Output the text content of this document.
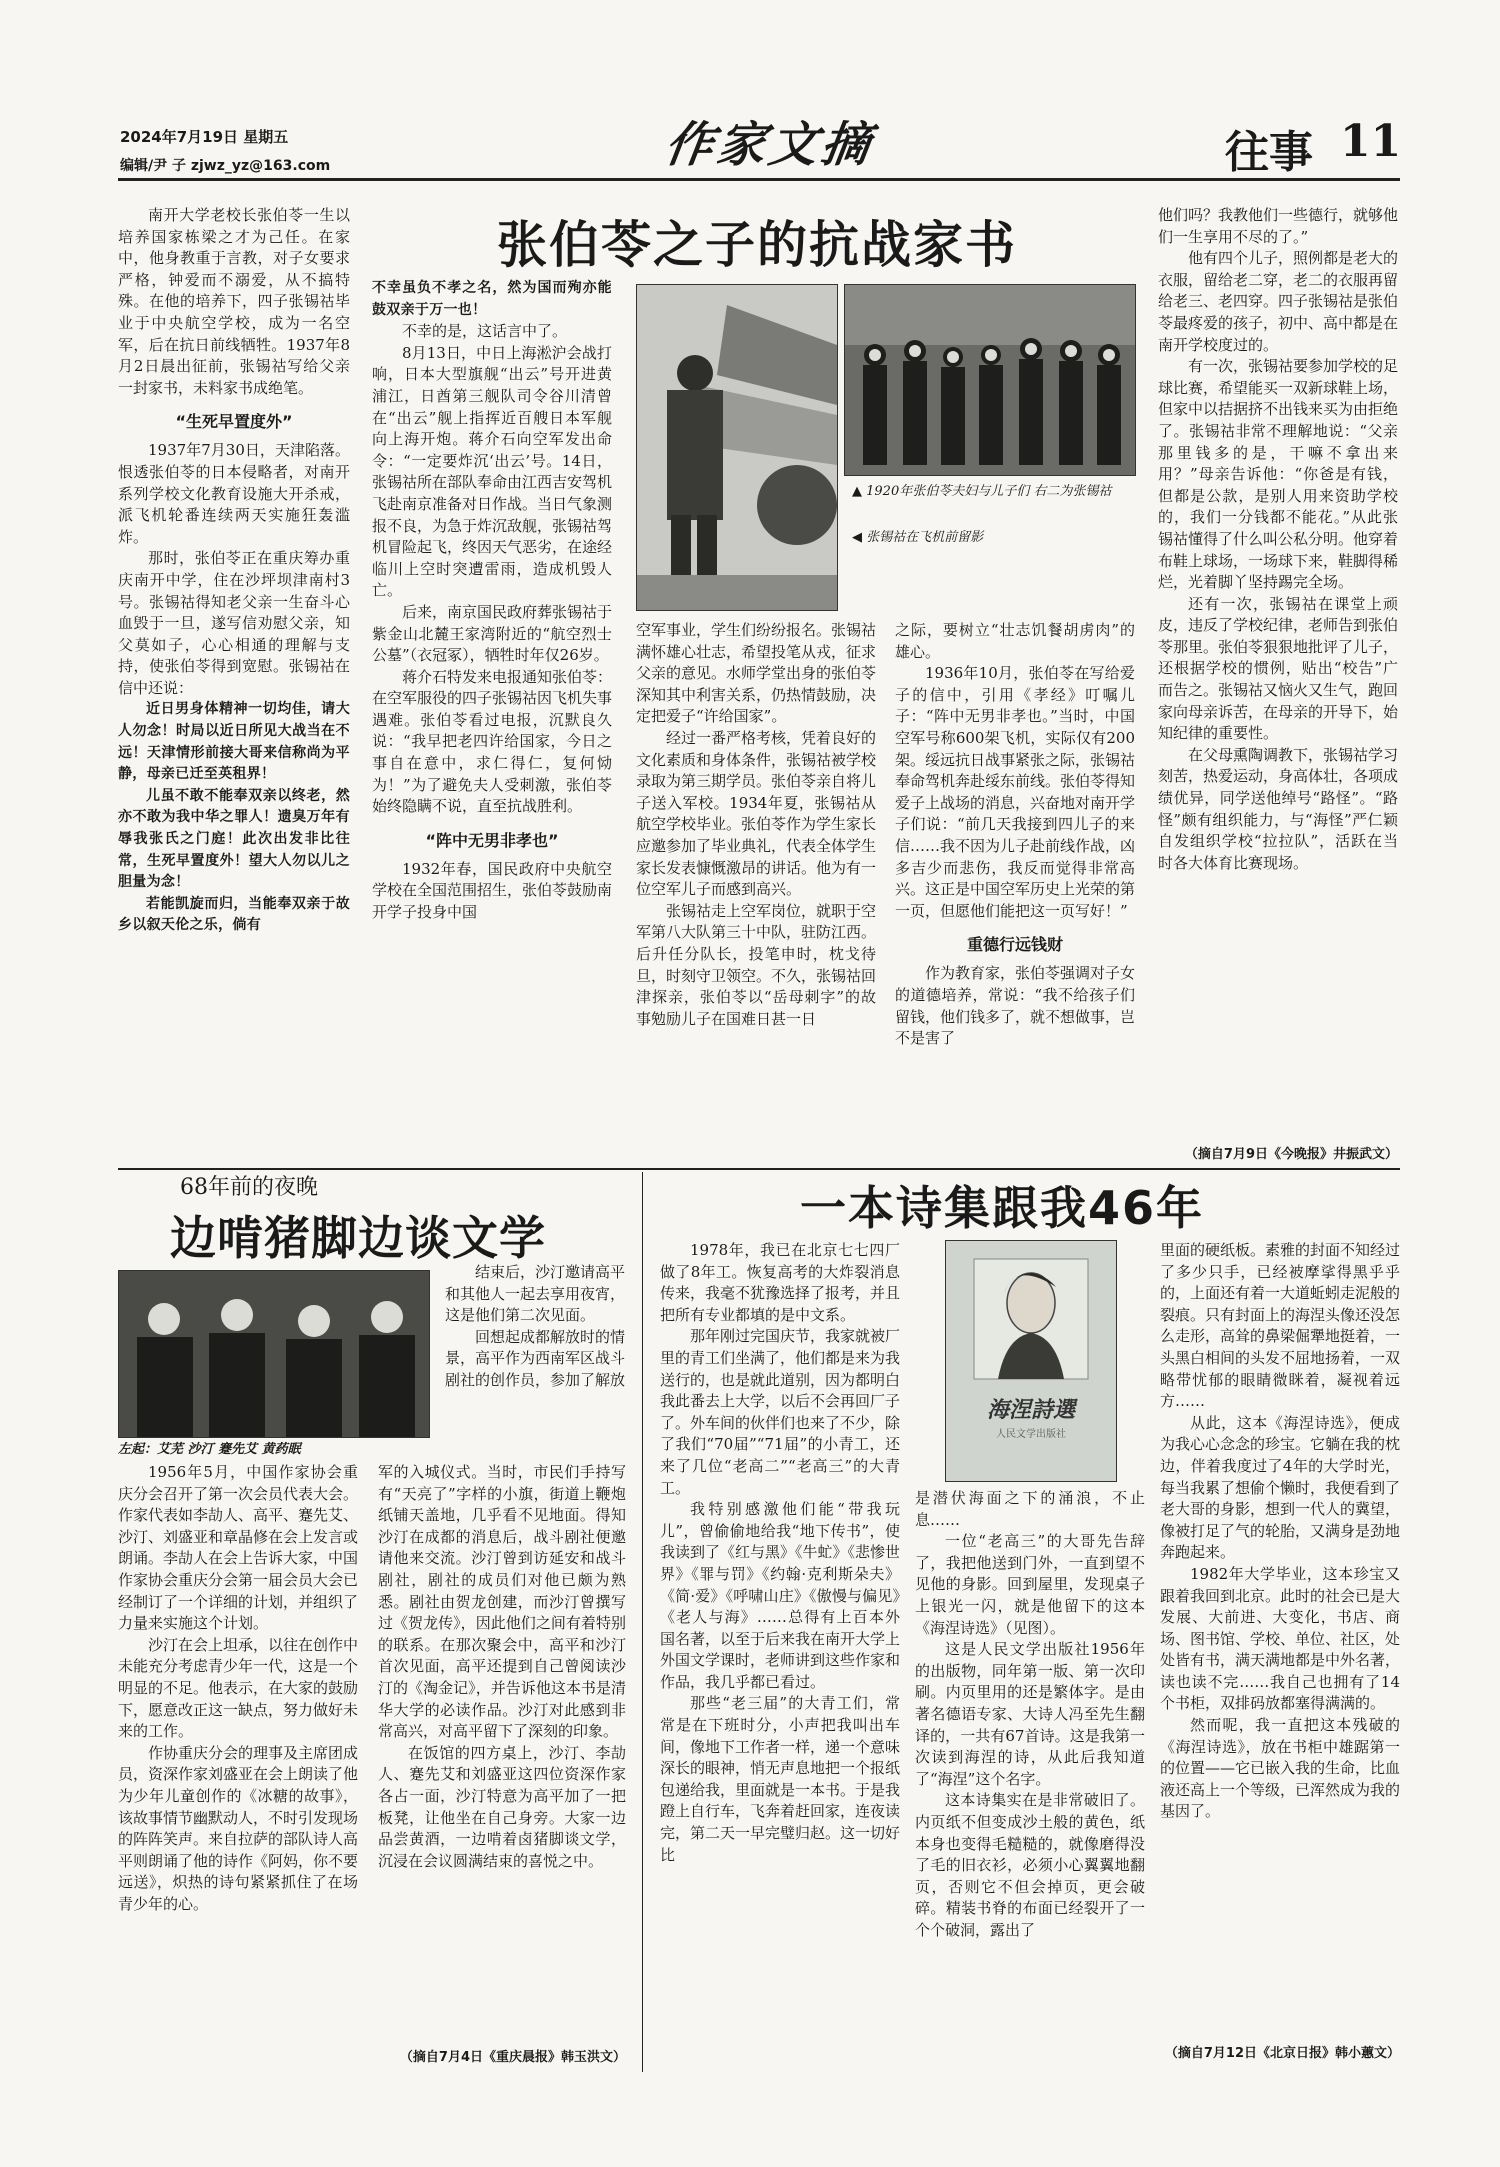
2024年7月19日 星期五
编辑/尹 子 zjwz_yz@163.com	作家文摘	往事 11
张伯苓之子的抗战家书

南开大学老校长张伯苓一生以培养国家栋梁之才为己任。在家中，他身教重于言教，对子女要求严格，钟爱而不溺爱，从不搞特殊。在他的培养下，四子张锡祜毕业于中央航空学校，成为一名空军，后在抗日前线牺牲。1937年8月2日晨出征前，张锡祜写给父亲一封家书，未料家书成绝笔。

“生死早置度外”

1937年7月30日，天津陷落。恨透张伯苓的日本侵略者，对南开系列学校文化教育设施大开杀戒，派飞机轮番连续两天实施狂轰滥炸。

那时，张伯苓正在重庆筹办重庆南开中学，住在沙坪坝津南村3号。张锡祜得知老父亲一生奋斗心血毁于一旦，遂写信劝慰父亲，知父莫如子，心心相通的理解与支持，使张伯苓得到宽慰。张锡祜在信中还说：

近日男身体精神一切均佳，请大人勿念！时局以近日所见大战当在不远！天津情形前接大哥来信称尚为平静，母亲已迁至英租界！

儿虽不敢不能奉双亲以终老，然亦不敢为我中华之罪人！遗臭万年有辱我张氏之门庭！此次出发非比往常，生死早置度外！望大人勿以儿之胆量为念！

若能凯旋而归，当能奉双亲于故乡以叙天伦之乐，倘有

不幸虽负不孝之名，然为国而殉亦能鼓双亲于万一也！

不幸的是，这话言中了。

8月13日，中日上海淞沪会战打响，日本大型旗舰“出云”号开进黄浦江，日酋第三舰队司令谷川清曾在“出云”舰上指挥近百艘日本军舰向上海开炮。蒋介石向空军发出命令：“一定要炸沉‘出云’号。14日，张锡祜所在部队奉命由江西吉安驾机飞赴南京准备对日作战。当日气象测报不良，为急于炸沉敌舰，张锡祜驾机冒险起飞，终因天气恶劣，在途经临川上空时突遭雷雨，造成机毁人亡。

后来，南京国民政府葬张锡祜于紫金山北麓王家湾附近的“航空烈士公墓”（衣冠冢），牺牲时年仅26岁。

蒋介石特发来电报通知张伯苓：在空军服役的四子张锡祜因飞机失事遇难。张伯苓看过电报，沉默良久说：“我早把老四许给国家，今日之事自在意中，求仁得仁，复何恸为！”为了避免夫人受刺激，张伯苓始终隐瞒不说，直至抗战胜利。

“阵中无男非孝也”

1932年春，国民政府中央航空学校在全国范围招生，张伯苓鼓励南开学子投身中国

▲ 1920年张伯苓夫妇与儿子们 右二为张锡祜
◀ 张锡祜在飞机前留影

空军事业，学生们纷纷报名。张锡祜满怀雄心壮志，希望投笔从戎，征求父亲的意见。水师学堂出身的张伯苓深知其中利害关系，仍热情鼓励，决定把爱子“许给国家”。

经过一番严格考核，凭着良好的文化素质和身体条件，张锡祜被学校录取为第三期学员。张伯苓亲自将儿子送入军校。1934年夏，张锡祜从航空学校毕业。张伯苓作为学生家长应邀参加了毕业典礼，代表全体学生家长发表慷慨激昂的讲话。他为有一位空军儿子而感到高兴。

张锡祜走上空军岗位，就职于空军第八大队第三十中队，驻防江西。后升任分队长，投笔申时，枕戈待旦，时刻守卫领空。不久，张锡祜回津探亲，张伯苓以“岳母刺字”的故事勉励儿子在国难日甚一日

之际，要树立“壮志饥餐胡虏肉”的雄心。

1936年10月，张伯苓在写给爱子的信中，引用《孝经》叮嘱儿子：“阵中无男非孝也。”当时，中国空军号称600架飞机，实际仅有200架。绥远抗日战事紧张之际，张锡祜奉命驾机奔赴绥东前线。张伯苓得知爱子上战场的消息，兴奋地对南开学子们说：“前几天我接到四儿子的来信……我不因为儿子赴前线作战，凶多吉少而悲伤，我反而觉得非常高兴。这正是中国空军历史上光荣的第一页，但愿他们能把这一页写好！”

重德行远钱财

作为教育家，张伯苓强调对子女的道德培养，常说：“我不给孩子们留钱，他们钱多了，就不想做事，岂不是害了

他们吗？我教他们一些德行，就够他们一生享用不尽的了。”

他有四个儿子，照例都是老大的衣服，留给老二穿，老二的衣服再留给老三、老四穿。四子张锡祜是张伯苓最疼爱的孩子，初中、高中都是在南开学校度过的。

有一次，张锡祜要参加学校的足球比赛，希望能买一双新球鞋上场，但家中以拮据挤不出钱来买为由拒绝了。张锡祜非常不理解地说：“父亲那里钱多的是，干嘛不拿出来用？”母亲告诉他：“你爸是有钱，但都是公款，是别人用来资助学校的，我们一分钱都不能花。”从此张锡祜懂得了什么叫公私分明。他穿着布鞋上球场，一场球下来，鞋脚得稀烂，光着脚丫坚持踢完全场。

还有一次，张锡祜在课堂上顽皮，违反了学校纪律，老师告到张伯苓那里。张伯苓狠狠地批评了儿子，还根据学校的惯例，贴出“校告”广而告之。张锡祜又恼火又生气，跑回家向母亲诉苦，在母亲的开导下，始知纪律的重要性。

在父母熏陶调教下，张锡祜学习刻苦，热爱运动，身高体壮，各项成绩优异，同学送他绰号“路怪”。“路怪”颇有组织能力，与“海怪”严仁颖自发组织学校“拉拉队”，活跃在当时各大体育比赛现场。

（摘自7月9日《今晚报》井振武文）
68年前的夜晚
边啃猪脚边谈文学
左起：艾芜 沙汀 蹇先艾 黄药眠

结束后，沙汀邀请高平和其他人一起去享用夜宵，这是他们第二次见面。

回想起成都解放时的情景，高平作为西南军区战斗剧社的创作员，参加了解放

1956年5月，中国作家协会重庆分会召开了第一次会员代表大会。作家代表如李劼人、高平、蹇先艾、沙汀、刘盛亚和章晶修在会上发言或朗诵。李劼人在会上告诉大家，中国作家协会重庆分会第一届会员大会已经制订了一个详细的计划，并组织了力量来实施这个计划。

沙汀在会上坦承，以往在创作中未能充分考虑青少年一代，这是一个明显的不足。他表示，在大家的鼓励下，愿意改正这一缺点，努力做好未来的工作。

作协重庆分会的理事及主席团成员，资深作家刘盛亚在会上朗读了他为少年儿童创作的《冰糖的故事》，该故事情节幽默动人，不时引发现场的阵阵笑声。来自拉萨的部队诗人高平则朗诵了他的诗作《阿妈，你不要远送》，炽热的诗句紧紧抓住了在场青少年的心。

军的入城仪式。当时，市民们手持写有“天亮了”字样的小旗，街道上鞭炮纸铺天盖地，几乎看不见地面。得知沙汀在成都的消息后，战斗剧社便邀请他来交流。沙汀曾到访延安和战斗剧社，剧社的成员们对他已颇为熟悉。剧社由贺龙创建，而沙汀曾撰写过《贺龙传》，因此他们之间有着特别的联系。在那次聚会中，高平和沙汀首次见面，高平还提到自己曾阅读沙汀的《淘金记》，并告诉他这本书是清华大学的必读作品。沙汀对此感到非常高兴，对高平留下了深刻的印象。

在饭馆的四方桌上，沙汀、李劼人、蹇先艾和刘盛亚这四位资深作家各占一面，沙汀特意为高平加了一把板凳，让他坐在自己身旁。大家一边品尝黄酒，一边啃着卤猪脚谈文学，沉浸在会议圆满结束的喜悦之中。

（摘自7月4日《重庆晨报》韩玉洪文）
一本诗集跟我46年

1978年，我已在北京七七四厂做了8年工。恢复高考的大炸裂消息传来，我毫不犹豫选择了报考，并且把所有专业都填的是中文系。

那年刚过完国庆节，我家就被厂里的青工们坐满了，他们都是来为我送行的，也是就此道别，因为都明白我此番去上大学，以后不会再回厂子了。外车间的伙伴们也来了不少，除了我们“70届”“71届”的小青工，还来了几位“老高二”“老高三”的大青工。

我特别感激他们能“带我玩儿”，曾偷偷地给我“地下传书”，使我读到了《红与黑》《牛虻》《悲惨世界》《罪与罚》《约翰·克利斯朵夫》《简·爱》《呼啸山庄》《傲慢与偏见》《老人与海》……总得有上百本外国名著，以至于后来我在南开大学上外国文学课时，老师讲到这些作家和作品，我几乎都已看过。

那些“老三届”的大青工们，常常是在下班时分，小声把我叫出车间，像地下工作者一样，递一个意味深长的眼神，悄无声息地把一个报纸包递给我，里面就是一本书。于是我蹬上自行车，飞奔着赶回家，连夜读完，第二天一早完璧归赵。这一切好比

海涅詩選
人民文学出版社

是潜伏海面之下的涌浪，不止息……

一位“老高三”的大哥先告辞了，我把他送到门外，一直到望不见他的身影。回到屋里，发现桌子上银光一闪，就是他留下的这本《海涅诗选》（见图）。

这是人民文学出版社1956年的出版物，同年第一版、第一次印刷。内页里用的还是繁体字。是由著名德语专家、大诗人冯至先生翻译的，一共有67首诗。这是我第一次读到海涅的诗，从此后我知道了“海涅”这个名字。

这本诗集实在是非常破旧了。内页纸不但变成沙土般的黄色，纸本身也变得毛糙糙的，就像磨得没了毛的旧衣衫，必须小心翼翼地翻页，否则它不但会掉页，更会破碎。精装书脊的布面已经裂开了一个个破洞，露出了

里面的硬纸板。素雅的封面不知经过了多少只手，已经被摩挲得黑乎乎的，上面还有着一大道蚯蚓走泥般的裂痕。只有封面上的海涅头像还没怎么走形，高耸的鼻梁倔犟地挺着，一头黑白相间的头发不屈地扬着，一双略带忧郁的眼睛微眯着，凝视着远方……

从此，这本《海涅诗选》，便成为我心心念念的珍宝。它躺在我的枕边，伴着我度过了4年的大学时光，每当我累了想偷个懒时，我便看到了老大哥的身影，想到一代人的冀望，像被打足了气的轮胎，又满身是劲地奔跑起来。

1982年大学毕业，这本珍宝又跟着我回到北京。此时的社会已是大发展、大前进、大变化，书店、商场、图书馆、学校、单位、社区，处处皆有书，满天满地都是中外名著，读也读不完……我自己也拥有了14个书柜，双排码放都塞得满满的。

然而呢，我一直把这本残破的《海涅诗选》，放在书柜中雄踞第一的位置——它已嵌入我的生命，比血液还高上一个等级，已浑然成为我的基因了。

（摘自7月12日《北京日报》韩小蕙文）
